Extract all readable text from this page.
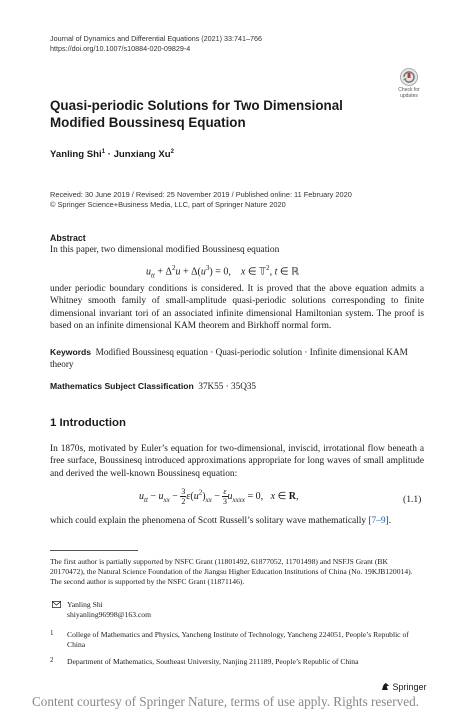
Journal of Dynamics and Differential Equations (2021) 33:741–766
https://doi.org/10.1007/s10884-020-09829-4
Check for
updates
Quasi-periodic Solutions for Two Dimensional Modified Boussinesq Equation
Yanling Shi$^1$ · Junxiang Xu$^2$
Received: 30 June 2019 / Revised: 25 November 2019 / Published online: 11 February 2020
© Springer Science+Business Media, LLC, part of Springer Nature 2020
Abstract
In this paper, two dimensional modified Boussinesq equation
$u_{tt} + \Delta^2u + \Delta(u^3) = 0$,    x ∈ 𝕋$^2$, t ∈ ℝ
under periodic boundary conditions is considered. It is proved that the above equation admits a Whitney smooth family of small-amplitude quasi-periodic solutions corresponding to finite dimensional invariant tori of an associated infinite dimensional Hamiltonian system. The proof is based on an infinite dimensional KAM theorem and Birkhoff normal form.
Keywords Modified Boussinesq equation · Quasi-periodic solution · Infinite dimensional KAM theory
Mathematics Subject Classification 37K55 · 35Q35
1 Introduction
In 1870s, motivated by Euler’s equation for two-dimensional, inviscid, irrotational flow beneath a free surface, Boussinesq introduced approximations appropriate for long waves of small amplitude and derived the well-known Boussinesq equation:
$u_{tt} - u_{xx} - \frac{3}{2} \varepsilon(u^2)_{xx} - \frac{\varepsilon}{3} u_{xxxx} = 0$,   x ∈ R,	(1.1)
which could explain the phenomena of Scott Russell’s solitary wave mathematically [7–9].
The first author is partially supported by NSFC Grant (11801492, 61877052, 11701498) and NSFJS Grant (BK 20170472), the Natural Science Foundation of the Jiangsu Higher Education Institutions of China (No. 19KJB120014). The second author is supported by the NSFC Grant (11871146).
Yanling Shi
shiyanling96998@163.com
1	College of Mathematics and Physics, Yancheng Institute of Technology, Yancheng 224051, People’s Republic of China
2	Department of Mathematics, Southeast University, Nanjing 211189, People’s Republic of China
Springer
Content courtesy of Springer Nature, terms of use apply. Rights reserved.
